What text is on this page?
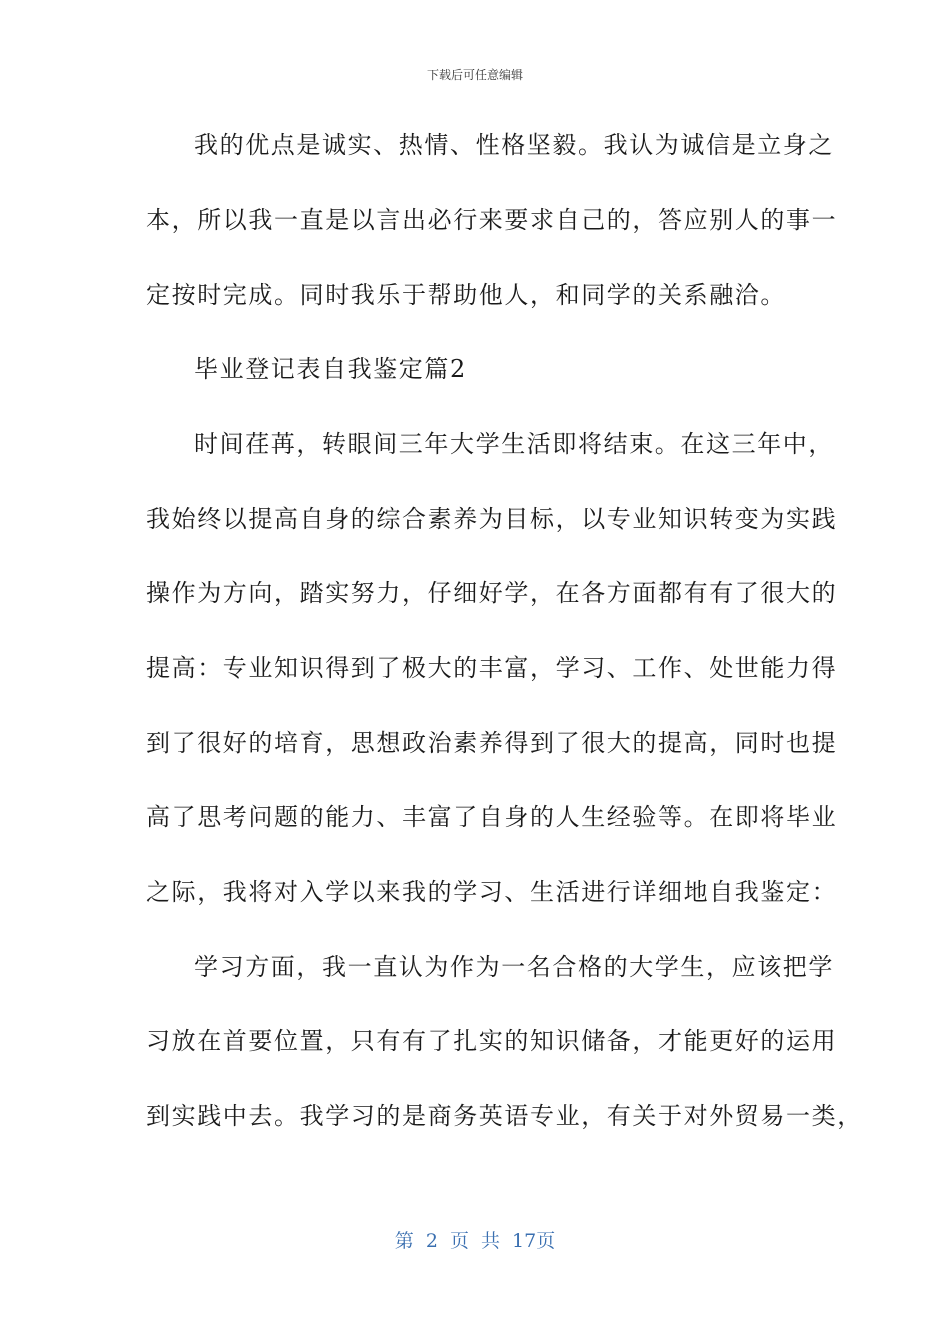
下载后可任意编辑
我的优点是诚实、热情、性格坚毅。我认为诚信是立身之
本，所以我一直是以言出必行来要求自己的，答应别人的事一
定按时完成。同时我乐于帮助他人，和同学的关系融洽。
毕业登记表自我鉴定篇2
时间荏苒，转眼间三年大学生活即将结束。在这三年中，
我始终以提高自身的综合素养为目标，以专业知识转变为实践
操作为方向，踏实努力，仔细好学，在各方面都有有了很大的
提高：专业知识得到了极大的丰富，学习、工作、处世能力得
到了很好的培育，思想政治素养得到了很大的提高，同时也提
高了思考问题的能力、丰富了自身的人生经验等。在即将毕业
之际，我将对入学以来我的学习、生活进行详细地自我鉴定：
学习方面，我一直认为作为一名合格的大学生，应该把学
习放在首要位置，只有有了扎实的知识储备，才能更好的运用
到实践中去。我学习的是商务英语专业，有关于对外贸易一类，
第 2 页 共 17页
